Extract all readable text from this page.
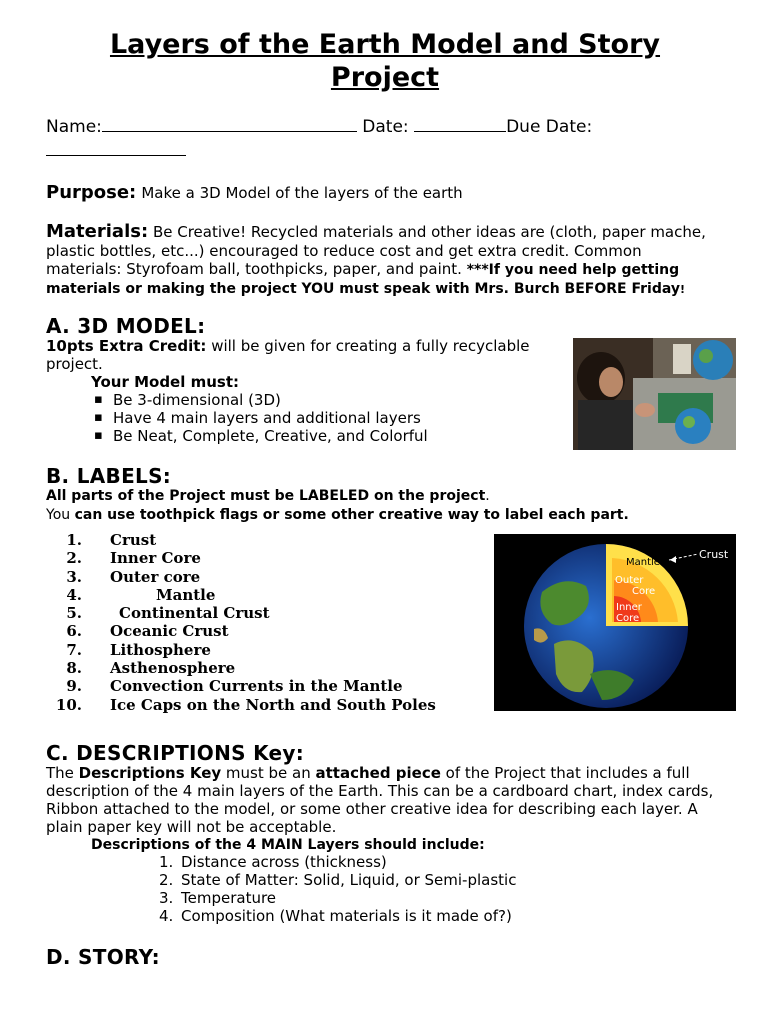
Layers of the Earth Model and Story
Project
Name:	Date:	Due Date:
Purpose: Make a 3D Model of the layers of the earth
Materials: Be Creative! Recycled materials and other ideas are (cloth, paper mache,
plastic bottles, etc...) encouraged to reduce cost and get extra credit. Common
materials: Styrofoam ball, toothpicks, paper, and paint. ***If you need help getting
materials or making the project YOU must speak with Mrs. Burch BEFORE Friday!
A. 3D MODEL:
10pts Extra Credit: will be given for creating a fully recyclable
project.
Your Model must:
▪ Be 3-dimensional (3D)
▪ Have 4 main layers and additional layers
▪ Be Neat, Complete, Creative, and Colorful
B. LABELS:
All parts of the Project must be LABELED on the project.
You can use toothpick flags or some other creative way to label each part.
1. Crust
2. Inner Core
3. Outer core
4.	Mantle
5. Continental Crust
6. Oceanic Crust
7. Lithosphere
8. Asthenosphere
9. Convection Currents in the Mantle
10. Ice Caps on the North and South Poles
Crust
Mantle
Outer
Core
Inner
Core
C. DESCRIPTIONS Key:
The Descriptions Key must be an attached piece of the Project that includes a full
description of the 4 main layers of the Earth. This can be a cardboard chart, index cards,
Ribbon attached to the model, or some other creative idea for describing each layer. A
plain paper key will not be acceptable.
Descriptions of the 4 MAIN Layers should include:
1. Distance across (thickness)
2. State of Matter: Solid, Liquid, or Semi-plastic
3. Temperature
4. Composition (What materials is it made of?)
D. STORY:
